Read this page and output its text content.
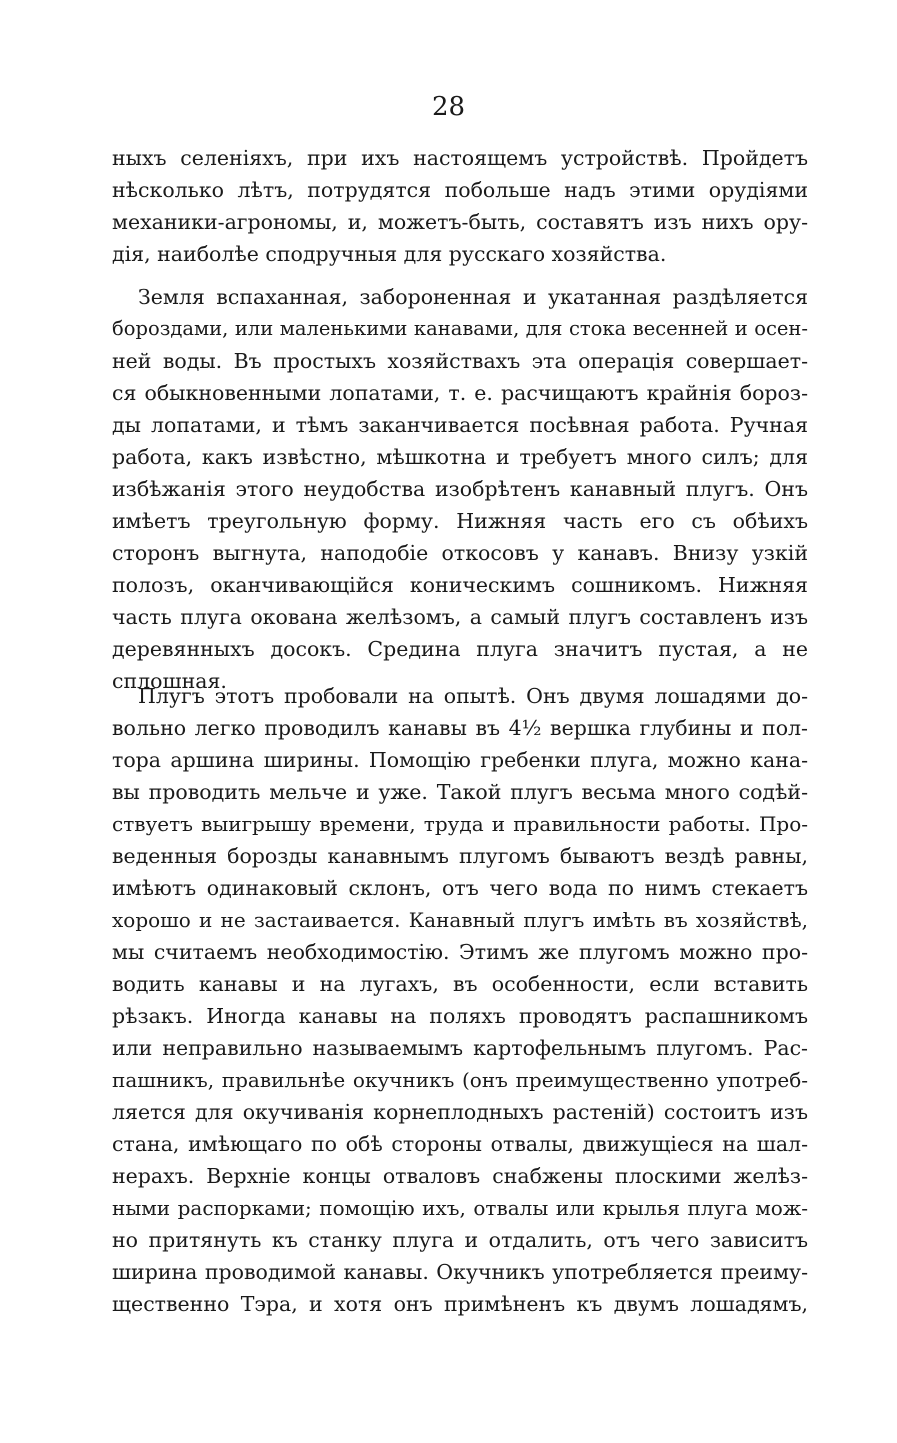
28
ныхъ селеніяхъ, при ихъ настоящемъ устройствѣ. Пройдетъ
нѣсколько лѣтъ, потрудятся побольше надъ этими орудіями
механики-агрономы, и, можетъ-быть, составятъ изъ нихъ ору-
дія, наиболѣе сподручныя для русскаго хозяйства.
Земля вспаханная, забороненная и укатанная раздѣляется
бороздами, или маленькими канавами, для стока весенней и осен-
ней воды. Въ простыхъ хозяйствахъ эта операція совершает-
ся обыкновенными лопатами, т. е. расчищаютъ крайнія бороз-
ды лопатами, и тѣмъ заканчивается посѣвная работа. Ручная
работа, какъ извѣстно, мѣшкотна и требуетъ много силъ; для
избѣжанія этого неудобства изобрѣтенъ канавный плугъ. Онъ
имѣетъ треугольную форму. Нижняя часть его съ обѣихъ
сторонъ выгнута, наподобіе откосовъ у канавъ. Внизу узкій
полозъ, оканчивающійся коническимъ сошникомъ. Нижняя
часть плуга окована желѣзомъ, а самый плугъ составленъ изъ
деревянныхъ досокъ. Средина плуга значитъ пустая, а не
сплошная.
Плугъ этотъ пробовали на опытѣ. Онъ двумя лошадями до-
вольно легко проводилъ канавы въ 4½ вершка глубины и пол-
тора аршина ширины. Помощію гребенки плуга, можно кана-
вы проводить мельче и уже. Такой плугъ весьма много содѣй-
ствуетъ выигрышу времени, труда и правильности работы. Про-
веденныя борозды канавнымъ плугомъ бываютъ вездѣ равны,
имѣютъ одинаковый склонъ, отъ чего вода по нимъ стекаетъ
хорошо и не застаивается. Канавный плугъ имѣть въ хозяйствѣ,
мы считаемъ необходимостію. Этимъ же плугомъ можно про-
водить канавы и на лугахъ, въ особенности, если вставить
рѣзакъ. Иногда канавы на поляхъ проводятъ распашникомъ
или неправильно называемымъ картофельнымъ плугомъ. Рас-
пашникъ, правильнѣе окучникъ (онъ преимущественно употреб-
ляется для окучиванія корнеплодныхъ растеній) состоитъ изъ
стана, имѣющаго по обѣ стороны отвалы, движущіеся на шал-
нерахъ. Верхніе концы отваловъ снабжены плоскими желѣз-
ными распорками; помощію ихъ, отвалы или крылья плуга мож-
но притянуть къ станку плуга и отдалить, отъ чего зависитъ
ширина проводимой канавы. Окучникъ употребляется преиму-
щественно Тэра, и хотя онъ примѣненъ къ двумъ лошадямъ,
